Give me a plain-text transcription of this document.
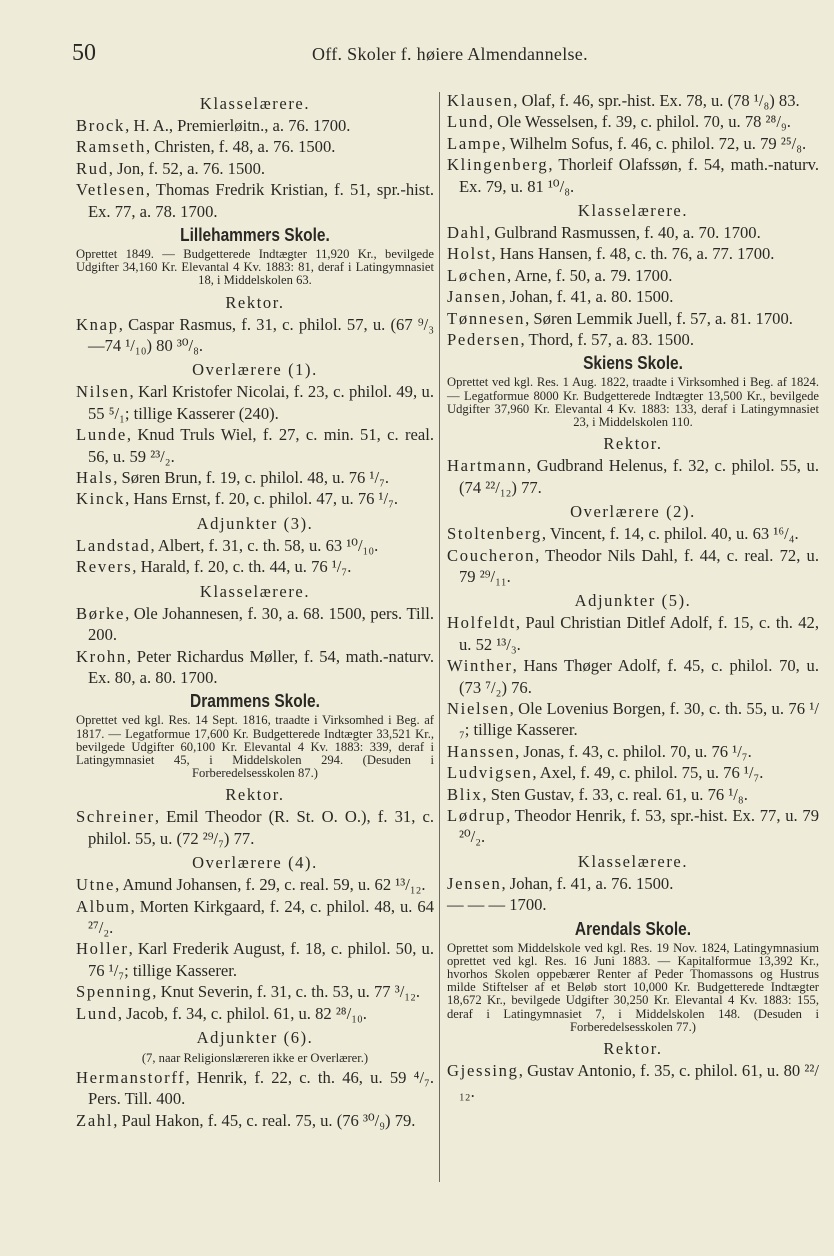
50	Off. Skoler f. høiere Almendannelse.
Klasselærere.
Brock, H. A., Premierløitn., a. 76. 1700.
Ramseth, Christen, f. 48, a. 76. 1500.
Rud, Jon, f. 52, a. 76. 1500.
Vetlesen, Thomas Fredrik Kristian, f. 51, spr.-hist. Ex. 77, a. 78. 1700.
Lillehammers Skole.
Oprettet 1849. — Budgetterede Indtægter 11,920 Kr., bevilgede Udgifter 34,160 Kr. Elevantal 4 Kv. 1883: 81, deraf i Latingymnasiet 18, i Middelskolen 63.
Rektor.
Knap, Caspar Rasmus, f. 31, c. philol. 57, u. (67 ⁹/₃—74 ¹/₁₀) 80 ³⁰/₈.
Overlærere (1).
Nilsen, Karl Kristofer Nicolai, f. 23, c. philol. 49, u. 55 ⁵/₁; tillige Kasserer (240).
Lunde, Knud Truls Wiel, f. 27, c. min. 51, c. real. 56, u. 59 ²³/₂.
Hals, Søren Brun, f. 19, c. philol. 48, u. 76 ¹/₇.
Kinck, Hans Ernst, f. 20, c. philol. 47, u. 76 ¹/₇.
Adjunkter (3).
Landstad, Albert, f. 31, c. th. 58, u. 63 ¹⁰/₁₀.
Revers, Harald, f. 20, c. th. 44, u. 76 ¹/₇.
Klasselærere.
Børke, Ole Johannesen, f. 30, a. 68. 1500, pers. Till. 200.
Krohn, Peter Richardus Møller, f. 54, math.-naturv. Ex. 80, a. 80. 1700.
Drammens Skole.
Oprettet ved kgl. Res. 14 Sept. 1816, traadte i Virksomhed i Beg. af 1817. — Legatformue 17,600 Kr. Budgetterede Indtægter 33,521 Kr., bevilgede Udgifter 60,100 Kr. Elevantal 4 Kv. 1883: 339, deraf i Latingymnasiet 45, i Middelskolen 294. (Desuden i Forberedelsesskolen 87.)
Rektor.
Schreiner, Emil Theodor (R. St. O. O.), f. 31, c. philol. 55, u. (72 ²⁹/₇) 77.
Overlærere (4).
Utne, Amund Johansen, f. 29, c. real. 59, u. 62 ¹³/₁₂.
Album, Morten Kirkgaard, f. 24, c. philol. 48, u. 64 ²⁷/₂.
Holler, Karl Frederik August, f. 18, c. philol. 50, u. 76 ¹/₇; tillige Kasserer.
Spenning, Knut Severin, f. 31, c. th. 53, u. 77 ³/₁₂.
Lund, Jacob, f. 34, c. philol. 61, u. 82 ²⁸/₁₀.
Adjunkter (6).
(7, naar Religionslæreren ikke er Overlærer.)
Hermanstorff, Henrik, f. 22, c. th. 46, u. 59 ⁴/₇. Pers. Till. 400.
Zahl, Paul Hakon, f. 45, c. real. 75, u. (76 ³⁰/₉) 79.
Klausen, Olaf, f. 46, spr.-hist. Ex. 78, u. (78 ¹/₈) 83.
Lund, Ole Wesselsen, f. 39, c. philol. 70, u. 78 ²⁸/₉.
Lampe, Wilhelm Sofus, f. 46, c. philol. 72, u. 79 ²⁵/₈.
Klingenberg, Thorleif Olafssøn, f. 54, math.-naturv. Ex. 79, u. 81 ¹⁰/₈.
Klasselærere.
Dahl, Gulbrand Rasmussen, f. 40, a. 70. 1700.
Holst, Hans Hansen, f. 48, c. th. 76, a. 77. 1700.
Løchen, Arne, f. 50, a. 79. 1700.
Jansen, Johan, f. 41, a. 80. 1500.
Tønnesen, Søren Lemmik Juell, f. 57, a. 81. 1700.
Pedersen, Thord, f. 57, a. 83. 1500.
Skiens Skole.
Oprettet ved kgl. Res. 1 Aug. 1822, traadte i Virksomhed i Beg. af 1824. — Legatformue 8000 Kr. Budgetterede Indtægter 13,500 Kr., bevilgede Udgifter 37,960 Kr. Elevantal 4 Kv. 1883: 133, deraf i Latingymnasiet 23, i Middelskolen 110.
Rektor.
Hartmann, Gudbrand Helenus, f. 32, c. philol. 55, u. (74 ²²/₁₂) 77.
Overlærere (2).
Stoltenberg, Vincent, f. 14, c. philol. 40, u. 63 ¹⁶/₄.
Coucheron, Theodor Nils Dahl, f. 44, c. real. 72, u. 79 ²⁹/₁₁.
Adjunkter (5).
Holfeldt, Paul Christian Ditlef Adolf, f. 15, c. th. 42, u. 52 ¹³/₃.
Winther, Hans Thøger Adolf, f. 45, c. philol. 70, u. (73 ⁷/₂) 76.
Nielsen, Ole Lovenius Borgen, f. 30, c. th. 55, u. 76 ¹/₇; tillige Kasserer.
Hanssen, Jonas, f. 43, c. philol. 70, u. 76 ¹/₇.
Ludvigsen, Axel, f. 49, c. philol. 75, u. 76 ¹/₇.
Blix, Sten Gustav, f. 33, c. real. 61, u. 76 ¹/₈.
Lødrup, Theodor Henrik, f. 53, spr.-hist. Ex. 77, u. 79 ²⁰/₂.
Klasselærere.
Jensen, Johan, f. 41, a. 76. 1500.
— — — 1700.
Arendals Skole.
Oprettet som Middelskole ved kgl. Res. 19 Nov. 1824, Latingymnasium oprettet ved kgl. Res. 16 Juni 1883. — Kapitalformue 13,392 Kr., hvorhos Skolen oppebærer Renter af Peder Thomassons og Hustrus milde Stiftelser af et Beløb stort 10,000 Kr. Budgetterede Indtægter 18,672 Kr., bevilgede Udgifter 30,250 Kr. Elevantal 4 Kv. 1883: 155, deraf i Latingymnasiet 7, i Middelskolen 148. (Desuden i Forberedelsesskolen 77.)
Rektor.
Gjessing, Gustav Antonio, f. 35, c. philol. 61, u. 80 ²²/₁₂.
